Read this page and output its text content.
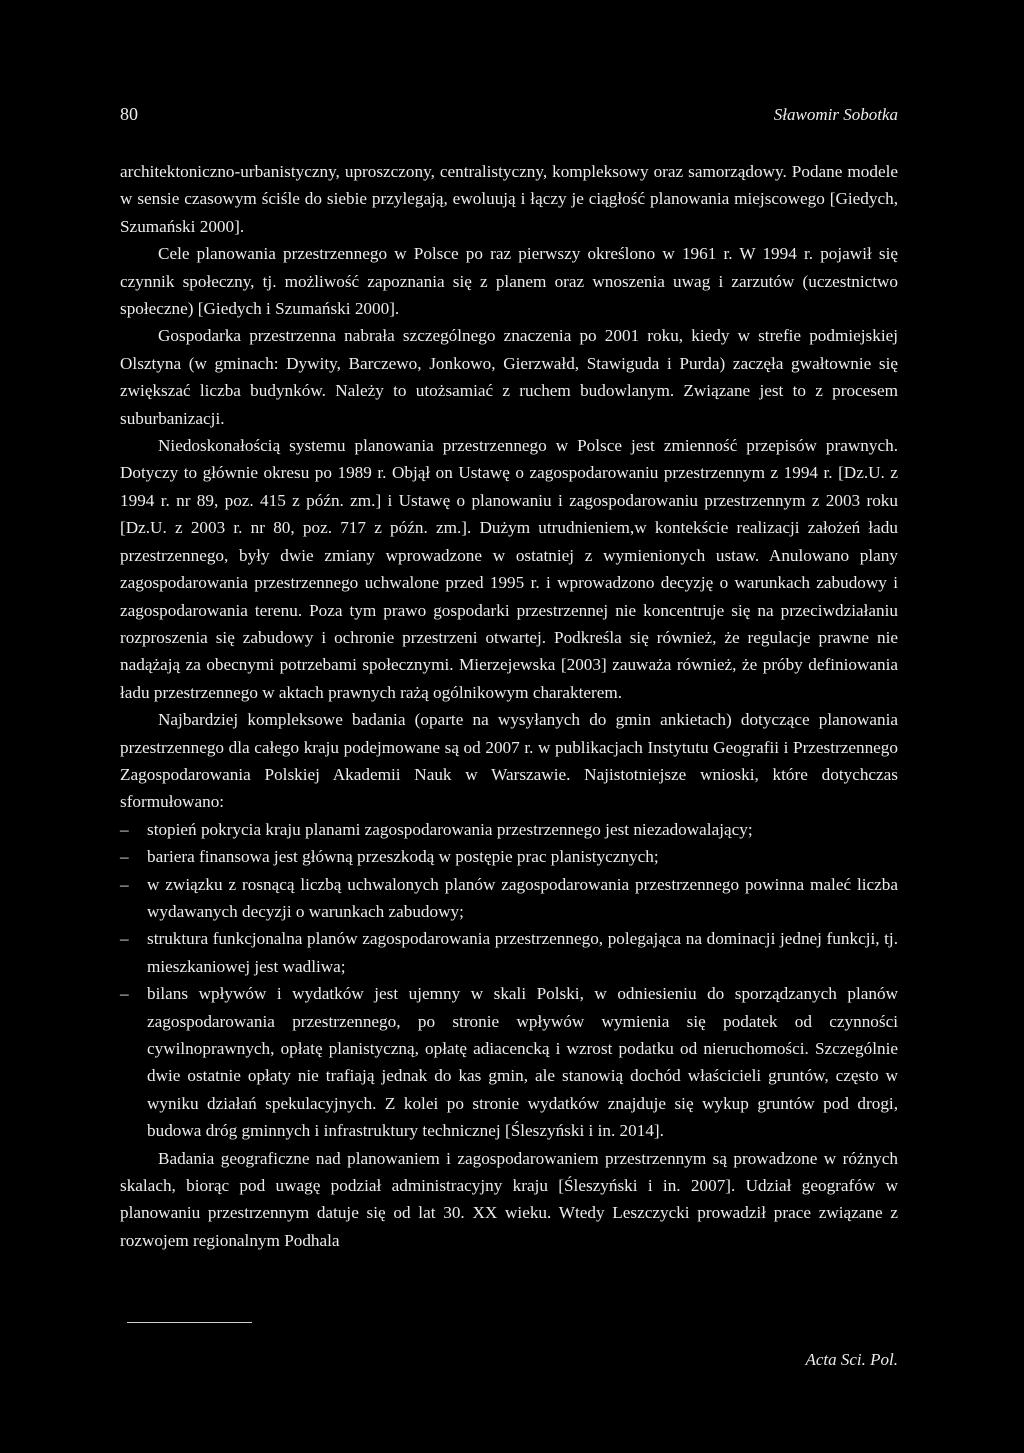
80	Sławomir Sobotka

architektoniczno-urbanistyczny, uproszczony, centralistyczny, kompleksowy oraz samorządowy. Podane modele w sensie czasowym ściśle do siebie przylegają, ewoluują i łączy je ciągłość planowania miejscowego [Giedych, Szumański 2000].

Cele planowania przestrzennego w Polsce po raz pierwszy określono w 1961 r. W 1994 r. pojawił się czynnik społeczny, tj. możliwość zapoznania się z planem oraz wnoszenia uwag i zarzutów (uczestnictwo społeczne) [Giedych i Szumański 2000].

Gospodarka przestrzenna nabrała szczególnego znaczenia po 2001 roku, kiedy w strefie podmiejskiej Olsztyna (w gminach: Dywity, Barczewo, Jonkowo, Gierzwałd, Stawiguda i Purda) zaczęła gwałtownie się zwiększać liczba budynków. Należy to utożsamiać z ruchem budowlanym. Związane jest to z procesem suburbanizacji.

Niedoskonałością systemu planowania przestrzennego w Polsce jest zmienność przepisów prawnych. Dotyczy to głównie okresu po 1989 r. Objął on Ustawę o zagospodarowaniu przestrzennym z 1994 r. [Dz.U. z 1994 r. nr 89, poz. 415 z późn. zm.] i Ustawę o planowaniu i zagospodarowaniu przestrzennym z 2003 roku [Dz.U. z 2003 r. nr 80, poz. 717 z późn. zm.]. Dużym utrudnieniem,w kontekście realizacji założeń ładu przestrzennego, były dwie zmiany wprowadzone w ostatniej z wymienionych ustaw. Anulowano plany zagospodarowania przestrzennego uchwalone przed 1995 r. i wprowadzono decyzję o warunkach zabudowy i zagospodarowania terenu. Poza tym prawo gospodarki przestrzennej nie koncentruje się na przeciwdziałaniu rozproszenia się zabudowy i ochronie przestrzeni otwartej. Podkreśla się również, że regulacje prawne nie nadążają za obecnymi potrzebami społecznymi. Mierzejewska [2003] zauważa również, że próby definiowania ładu przestrzennego w aktach prawnych rażą ogólnikowym charakterem.

Najbardziej kompleksowe badania (oparte na wysyłanych do gmin ankietach) dotyczące planowania przestrzennego dla całego kraju podejmowane są od 2007 r. w publikacjach Instytutu Geografii i Przestrzennego Zagospodarowania Polskiej Akademii Nauk w Warszawie. Najistotniejsze wnioski, które dotychczas sformułowano:

– stopień pokrycia kraju planami zagospodarowania przestrzennego jest niezadowalający;
– bariera finansowa jest główną przeszkodą w postępie prac planistycznych;
– w związku z rosnącą liczbą uchwalonych planów zagospodarowania przestrzennego powinna maleć liczba wydawanych decyzji o warunkach zabudowy;
– struktura funkcjonalna planów zagospodarowania przestrzennego, polegająca na dominacji jednej funkcji, tj. mieszkaniowej jest wadliwa;
– bilans wpływów i wydatków jest ujemny w skali Polski, w odniesieniu do sporządzanych planów zagospodarowania przestrzennego, po stronie wpływów wymienia się podatek od czynności cywilnoprawnych, opłatę planistyczną, opłatę adiacencką i wzrost podatku od nieruchomości. Szczególnie dwie ostatnie opłaty nie trafiają jednak do kas gmin, ale stanowią dochód właścicieli gruntów, często w wyniku działań spekulacyjnych. Z kolei po stronie wydatków znajduje się wykup gruntów pod drogi, budowa dróg gminnych i infrastruktury technicznej [Śleszyński i in. 2014].

Badania geograficzne nad planowaniem i zagospodarowaniem przestrzennym są prowadzone w różnych skalach, biorąc pod uwagę podział administracyjny kraju [Śleszyński i in. 2007]. Udział geografów w planowaniu przestrzennym datuje się od lat 30. XX wieku. Wtedy Leszczycki prowadził prace związane z rozwojem regionalnym Podhala

Acta Sci. Pol.
